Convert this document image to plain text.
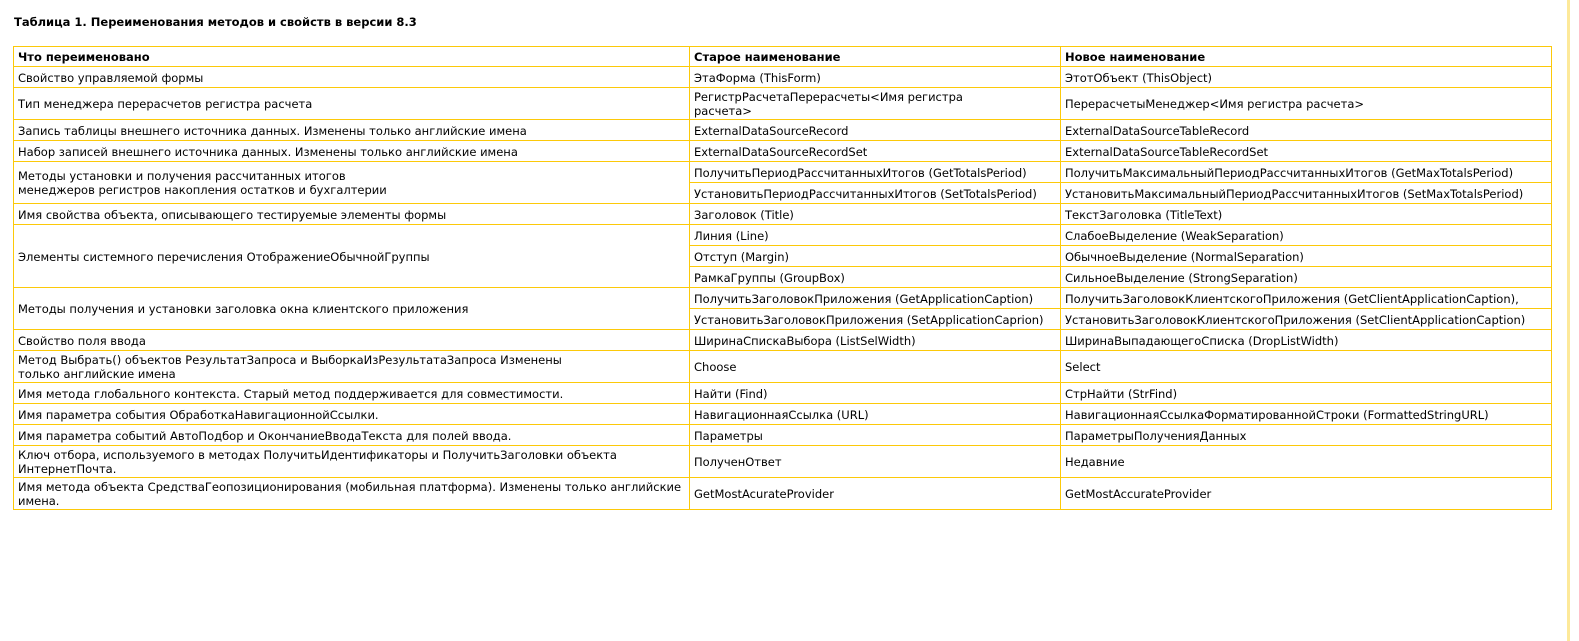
Таблица 1. Переименования методов и свойств в версии 8.3
Что переименовано	Старое наименование	Новое наименование
Свойство управляемой формы	ЭтаФорма (ThisForm)	ЭтотОбъект (ThisObject)
Тип менеджера перерасчетов регистра расчета	РегистрРасчетаПерерасчеты<Имя регистра расчета>	ПерерасчетыМенеджер<Имя регистра расчета>
Запись таблицы внешнего источника данных. Изменены только английские имена	ExternalDataSourceRecord	ExternalDataSourceTableRecord
Набор записей внешнего источника данных. Изменены только английские имена	ExternalDataSourceRecordSet	ExternalDataSourceTableRecordSet
Методы установки и получения рассчитанных итогов менеджеров регистров накопления остатков и бухгалтерии	ПолучитьПериодРассчитанныхИтогов (GetTotalsPeriod)	ПолучитьМаксимальныйПериодРассчитанныхИтогов (GetMaxTotalsPeriod)
	УстановитьПериодРассчитанныхИтогов (SetTotalsPeriod)	УстановитьМаксимальныйПериодРассчитанныхИтогов (SetMaxTotalsPeriod)
Имя свойства объекта, описывающего тестируемые элементы формы	Заголовок (Title)	ТекстЗаголовка (TitleText)
Элементы системного перечисления ОтображениеОбычнойГруппы	Линия (Line)	СлабоеВыделение (WeakSeparation)
	Отступ (Margin)	ОбычноеВыделение (NormalSeparation)
	РамкаГруппы (GroupBox)	СильноеВыделение (StrongSeparation)
Методы получения и установки заголовка окна клиентского приложения	ПолучитьЗаголовокПриложения (GetApplicationCaption)	ПолучитьЗаголовокКлиентскогоПриложения (GetClientApplicationCaption),
	УстановитьЗаголовокПриложения (SetApplicationCaprion)	УстановитьЗаголовокКлиентскогоПриложения (SetClientApplicationCaption)
Свойство поля ввода	ШиринаСпискаВыбора (ListSelWidth)	ШиринаВыпадающегоСписка (DropListWidth)
Метод Выбрать() объектов РезультатЗапроса и ВыборкаИзРезультатаЗапроса Изменены только английские имена	Choose	Select
Имя метода глобального контекста. Старый метод поддерживается для совместимости.	Найти (Find)	СтрНайти (StrFind)
Имя параметра события ОбработкаНавигационнойСсылки.	НавигационнаяСсылка (URL)	НавигационнаяСсылкаФорматированнойСтроки (FormattedStringURL)
Имя параметра событий АвтоПодбор и ОкончаниеВводаТекста для полей ввода.	Параметры	ПараметрыПолученияДанных
Ключ отбора, используемого в методах ПолучитьИдентификаторы и ПолучитьЗаголовки объекта ИнтернетПочта.	ПолученОтвет	Недавние
Имя метода объекта СредстваГеопозиционирования (мобильная платформа). Изменены только английские имена.	GetMostAcurateProvider	GetMostAccurateProvider
